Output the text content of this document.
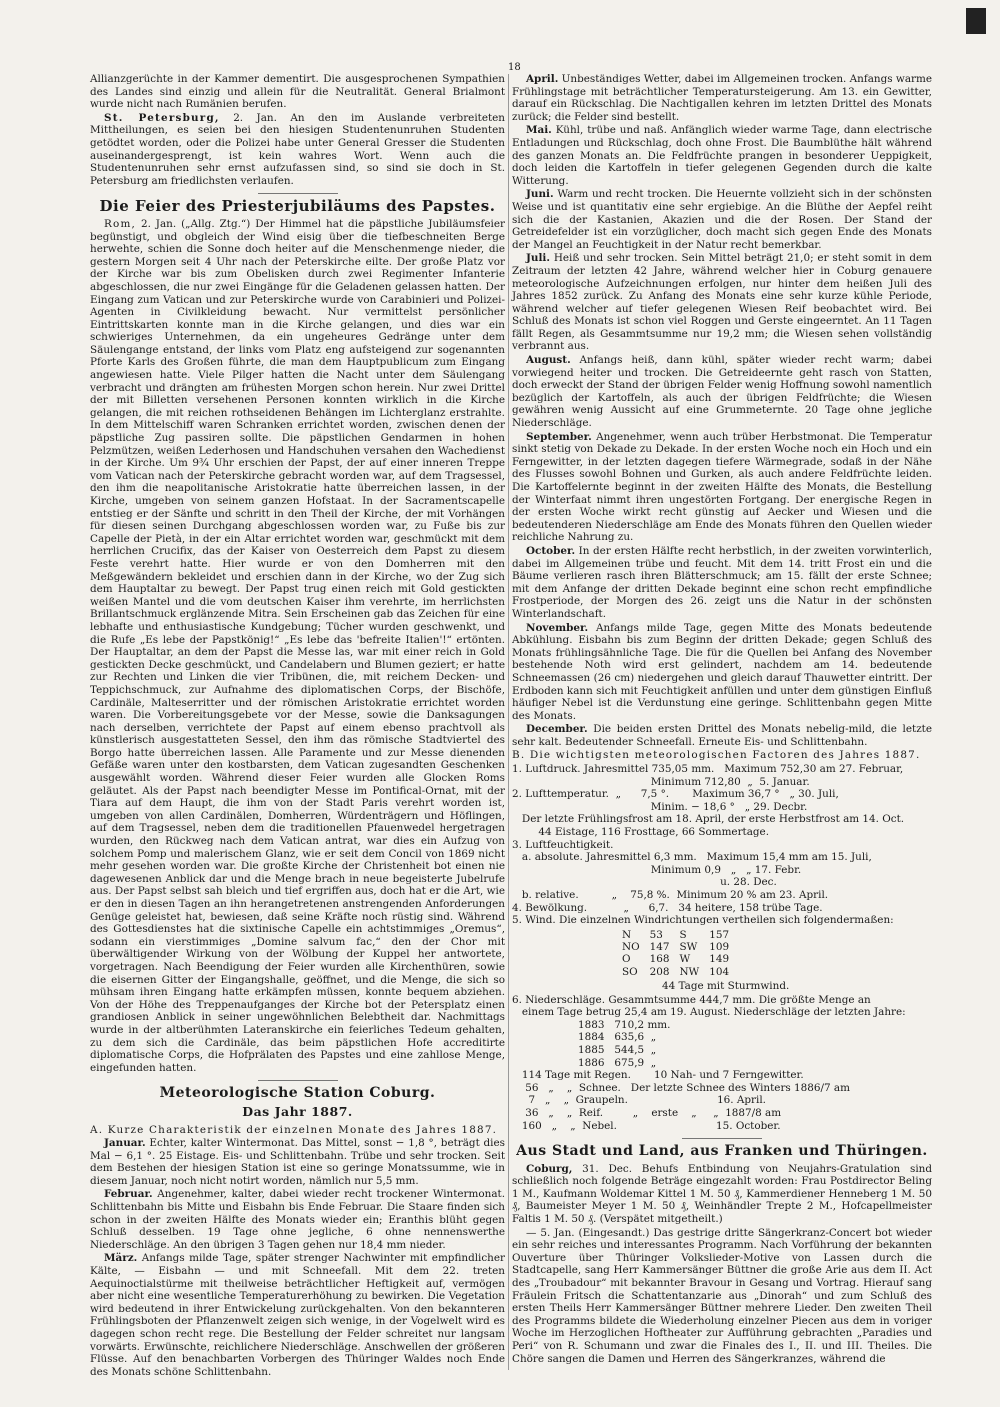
18

Allianzgerüchte in der Kammer dementirt. Die ausgesprochenen Sympathien des Landes sind einzig und allein für die Neutralität. General Brialmont wurde nicht nach Rumänien berufen.

St. Petersburg, 2. Jan. An den im Auslande verbreiteten Mittheilungen, es seien bei den hiesigen Studentenunruhen Studenten getödtet worden, oder die Polizei habe unter General Gresser die Studenten auseinandergesprengt, ist kein wahres Wort. Wenn auch die Studentenunruhen sehr ernst aufzufassen sind, so sind sie doch in St. Petersburg am friedlichsten verlaufen.

Die Feier des Priesterjubiläums des Papstes.

Rom, 2. Jan. („Allg. Ztg.“) Der Himmel hat die päpstliche Jubiläumsfeier begünstigt, und obgleich der Wind eisig über die tiefbeschneiten Berge herwehte, schien die Sonne doch heiter auf die Menschenmenge nieder, die gestern Morgen seit 4 Uhr nach der Peterskirche eilte. Der große Platz vor der Kirche war bis zum Obelisken durch zwei Regimenter Infanterie abgeschlossen, die nur zwei Eingänge für die Geladenen gelassen hatten. Der Eingang zum Vatican und zur Peterskirche wurde von Carabinieri und Polizei-Agenten in Civilkleidung bewacht. Nur vermittelst persönlicher Eintrittskarten konnte man in die Kirche gelangen, und dies war ein schwieriges Unternehmen, da ein ungeheures Gedränge unter dem Säulengange entstand, der links vom Platz eng aufsteigend zur sogenannten Pforte Karls des Großen führte, die man dem Hauptpublicum zum Eingang angewiesen hatte. Viele Pilger hatten die Nacht unter dem Säulengang verbracht und drängten am frühesten Morgen schon herein. Nur zwei Drittel der mit Billetten versehenen Personen konnten wirklich in die Kirche gelangen, die mit reichen rothseidenen Behängen im Lichterglanz erstrahlte. In dem Mittelschiff waren Schranken errichtet worden, zwischen denen der päpstliche Zug passiren sollte. Die päpstlichen Gendarmen in hohen Pelzmützen, weißen Lederhosen und Handschuhen versahen den Wachedienst in der Kirche. Um 9¾ Uhr erschien der Papst, der auf einer inneren Treppe vom Vatican nach der Peterskirche gebracht worden war, auf dem Tragsessel, den ihm die neapolitanische Aristokratie hatte überreichen lassen, in der Kirche, umgeben von seinem ganzen Hofstaat. In der Sacramentscapelle entstieg er der Sänfte und schritt in den Theil der Kirche, der mit Vorhängen für diesen seinen Durchgang abgeschlossen worden war, zu Fuße bis zur Capelle der Pietà, in der ein Altar errichtet worden war, geschmückt mit dem herrlichen Crucifix, das der Kaiser von Oesterreich dem Papst zu diesem Feste verehrt hatte. Hier wurde er von den Domherren mit den Meßgewändern bekleidet und erschien dann in der Kirche, wo der Zug sich dem Hauptaltar zu bewegt. Der Papst trug einen reich mit Gold gestickten weißen Mantel und die vom deutschen Kaiser ihm verehrte, im herrlichsten Brillantschmuck erglänzende Mitra. Sein Erscheinen gab das Zeichen für eine lebhafte und enthusiastische Kundgebung; Tücher wurden geschwenkt, und die Rufe „Es lebe der Papstkönig!“ „Es lebe das 'befreite Italien'!“ ertönten. Der Hauptaltar, an dem der Papst die Messe las, war mit einer reich in Gold gestickten Decke geschmückt, und Candelabern und Blumen geziert; er hatte zur Rechten und Linken die vier Tribünen, die, mit reichem Decken- und Teppichschmuck, zur Aufnahme des diplomatischen Corps, der Bischöfe, Cardinäle, Malteserritter und der römischen Aristokratie errichtet worden waren. Die Vorbereitungsgebete vor der Messe, sowie die Danksagungen nach derselben, verrichtete der Papst auf einem ebenso prachtvoll als künstlerisch ausgestatteten Sessel, den ihm das römische Stadtviertel des Borgo hatte überreichen lassen. Alle Paramente und zur Messe dienenden Gefäße waren unter den kostbarsten, dem Vatican zugesandten Geschenken ausgewählt worden. Während dieser Feier wurden alle Glocken Roms geläutet. Als der Papst nach beendigter Messe im Pontifical-Ornat, mit der Tiara auf dem Haupt, die ihm von der Stadt Paris verehrt worden ist, umgeben von allen Cardinälen, Domherren, Würdenträgern und Höflingen, auf dem Tragsessel, neben dem die traditionellen Pfauenwedel hergetragen wurden, den Rückweg nach dem Vatican antrat, war dies ein Aufzug von solchem Pomp und malerischem Glanz, wie er seit dem Concil von 1869 nicht mehr gesehen worden war. Die großte Kirche der Christenheit bot einen nie dagewesenen Anblick dar und die Menge brach in neue begeisterte Jubelrufe aus. Der Papst selbst sah bleich und tief ergriffen aus, doch hat er die Art, wie er den in diesen Tagen an ihn herangetretenen anstrengenden Anforderungen Genüge geleistet hat, bewiesen, daß seine Kräfte noch rüstig sind. Während des Gottesdienstes hat die sixtinische Capelle ein achtstimmiges „Oremus“, sodann ein vierstimmiges „Domine salvum fac,“ den der Chor mit überwältigender Wirkung von der Wölbung der Kuppel her antwortete, vorgetragen. Nach Beendigung der Feier wurden alle Kirchenthüren, sowie die eisernen Gitter der Eingangshalle, geöffnet, und die Menge, die sich so mühsam ihren Eingang hatte erkämpfen müssen, konnte bequem abziehen. Von der Höhe des Treppenaufganges der Kirche bot der Petersplatz einen grandiosen Anblick in seiner ungewöhnlichen Belebtheit dar. Nachmittags wurde in der altberühmten Lateranskirche ein feierliches Tedeum gehalten, zu dem sich die Cardinäle, das beim päpstlichen Hofe accreditirte diplomatische Corps, die Hofprälaten des Papstes und eine zahllose Menge, eingefunden hatten.

Meteorologische Station Coburg.
Das Jahr 1887.

A. Kurze Charakteristik der einzelnen Monate des Jahres 1887.

Januar. Echter, kalter Wintermonat. Das Mittel, sonst − 1,8 °, beträgt dies Mal − 6,1 °. 25 Eistage. Eis- und Schlittenbahn. Trübe und sehr trocken. Seit dem Bestehen der hiesigen Station ist eine so geringe Monatssumme, wie in diesem Januar, noch nicht notirt worden, nämlich nur 5,5 mm.

Februar. Angenehmer, kalter, dabei wieder recht trockener Wintermonat. Schlittenbahn bis Mitte und Eisbahn bis Ende Februar. Die Staare finden sich schon in der zweiten Hälfte des Monats wieder ein; Eranthis blüht gegen Schluß desselben. 19 Tage ohne jegliche, 6 ohne nennenswerthe Niederschläge. An den übrigen 3 Tagen gehen nur 18,4 mm nieder.

März. Anfangs milde Tage, später strenger Nachwinter mit empfindlicher Kälte, — Eisbahn — und mit Schneefall. Mit dem 22. treten Aequinoctialstürme mit theilweise beträchtlicher Heftigkeit auf, vermögen aber nicht eine wesentliche Temperaturerhöhung zu bewirken. Die Vegetation wird bedeutend in ihrer Entwickelung zurückgehalten. Von den bekannteren Frühlingsboten der Pflanzenwelt zeigen sich wenige, in der Vogelwelt wird es dagegen schon recht rege. Die Bestellung der Felder schreitet nur langsam vorwärts. Erwünschte, reichlichere Niederschläge. Anschwellen der größeren Flüsse. Auf den benachbarten Vorbergen des Thüringer Waldes noch Ende des Monats schöne Schlittenbahn.

April. Unbeständiges Wetter, dabei im Allgemeinen trocken. Anfangs warme Frühlingstage mit beträchtlicher Temperatursteigerung. Am 13. ein Gewitter, darauf ein Rückschlag. Die Nachtigallen kehren im letzten Drittel des Monats zurück; die Felder sind bestellt.

Mai. Kühl, trübe und naß. Anfänglich wieder warme Tage, dann electrische Entladungen und Rückschlag, doch ohne Frost. Die Baumblüthe hält während des ganzen Monats an. Die Feldfrüchte prangen in besonderer Ueppigkeit, doch leiden die Kartoffeln in tiefer gelegenen Gegenden durch die kalte Witterung.

Juni. Warm und recht trocken. Die Heuernte vollzieht sich in der schönsten Weise und ist quantitativ eine sehr ergiebige. An die Blüthe der Aepfel reiht sich die der Kastanien, Akazien und die der Rosen. Der Stand der Getreidefelder ist ein vorzüglicher, doch macht sich gegen Ende des Monats der Mangel an Feuchtigkeit in der Natur recht bemerkbar.

Juli. Heiß und sehr trocken. Sein Mittel beträgt 21,0; er steht somit in dem Zeitraum der letzten 42 Jahre, während welcher hier in Coburg genauere meteorologische Aufzeichnungen erfolgen, nur hinter dem heißen Juli des Jahres 1852 zurück. Zu Anfang des Monats eine sehr kurze kühle Periode, während welcher auf tiefer gelegenen Wiesen Reif beobachtet wird. Bei Schluß des Monats ist schon viel Roggen und Gerste eingeerntet. An 11 Tagen fällt Regen, als Gesammtsumme nur 19,2 mm; die Wiesen sehen vollständig verbrannt aus.

August. Anfangs heiß, dann kühl, später wieder recht warm; dabei vorwiegend heiter und trocken. Die Getreideernte geht rasch von Statten, doch erweckt der Stand der übrigen Felder wenig Hoffnung sowohl namentlich bezüglich der Kartoffeln, als auch der übrigen Feldfrüchte; die Wiesen gewähren wenig Aussicht auf eine Grummeternte. 20 Tage ohne jegliche Niederschläge.

September. Angenehmer, wenn auch trüber Herbstmonat. Die Temperatur sinkt stetig von Dekade zu Dekade. In der ersten Woche noch ein Hoch und ein Ferngewitter, in der letzten dagegen tiefere Wärmegrade, sodaß in der Nähe des Flusses sowohl Bohnen und Gurken, als auch andere Feldfrüchte leiden. Die Kartoffelernte beginnt in der zweiten Hälfte des Monats, die Bestellung der Winterfaat nimmt ihren ungestörten Fortgang. Der energische Regen in der ersten Woche wirkt recht günstig auf Aecker und Wiesen und die bedeutenderen Niederschläge am Ende des Monats führen den Quellen wieder reichliche Nahrung zu.

October. In der ersten Hälfte recht herbstlich, in der zweiten vorwinterlich, dabei im Allgemeinen trübe und feucht. Mit dem 14. tritt Frost ein und die Bäume verlieren rasch ihren Blätterschmuck; am 15. fällt der erste Schnee; mit dem Anfange der dritten Dekade beginnt eine schon recht empfindliche Frostperiode, der Morgen des 26. zeigt uns die Natur in der schönsten Winterlandschaft.

November. Anfangs milde Tage, gegen Mitte des Monats bedeutende Abkühlung. Eisbahn bis zum Beginn der dritten Dekade; gegen Schluß des Monats frühlingsähnliche Tage. Die für die Quellen bei Anfang des November bestehende Noth wird erst gelindert, nachdem am 14. bedeutende Schneemassen (26 cm) niedergehen und gleich darauf Thauwetter eintritt. Der Erdboden kann sich mit Feuchtigkeit anfüllen und unter dem günstigen Einfluß häufiger Nebel ist die Verdunstung eine geringe. Schlittenbahn gegen Mitte des Monats.

December. Die beiden ersten Drittel des Monats nebelig-mild, die letzte sehr kalt. Bedeutender Schneefall. Erneute Eis- und Schlittenbahn.

B. Die wichtigsten meteorologischen Factoren des Jahres 1887.

1. Luftdruck. Jahresmittel 735,05 mm.   Maximum 752,30 am 27. Februar,
Minimum 712,80  „  5. Januar.
2. Lufttemperatur.  „      7,5 °.       Maximum 36,7 °   „ 30. Juli,
Minim. − 18,6 °   „ 29. Decbr.
Der letzte Frühlingsfrost am 18. April, der erste Herbstfrost am 14. Oct.
44 Eistage, 116 Frosttage, 66 Sommertage.
3. Luftfeuchtigkeit.
a. absolute. Jahresmittel 6,3 mm.   Maximum 15,4 mm am 15. Juli,
Minimum 0,9   „   „ 17. Febr.
u. 28. Dec.
b. relative.          „    75,8 %.  Minimum 20 % am 23. April.
4. Bewölkung.           „      6,7.   34 heitere, 158 trübe Tage.
5. Wind. Die einzelnen Windrichtungen vertheilen sich folgendermaßen:
N	53	S	157
NO	147	SW	109
O	168	W	149
SO	208	NW	104

44 Tage mit Sturmwind.

6. Niederschläge. Gesammtsumme 444,7 mm. Die größte Menge an
einem Tage betrug 25,4 am 19. August. Niederschläge der letzten Jahre:
1883   710,2 mm.
1884   635,6  „
1885   544,5  „
1886   675,9  „
114 Tage mit Regen.       10 Nah- und 7 Ferngewitter.
56   „    „  Schnee.   Der letzte Schnee des Winters 1886/7 am
7   „    „  Graupeln.                           16. April.
36   „    „  Reif.         „    erste    „     „  1887/8 am
160   „    „  Nebel.                              15. October.
Aus Stadt und Land, aus Franken und Thüringen.

Coburg, 31. Dec. Behufs Entbindung von Neujahrs-Gratulation sind schließlich noch folgende Beträge eingezahlt worden: Frau Postdirector Beling 1 M., Kaufmann Woldemar Kittel 1 M. 50 ₰, Kammerdiener Henneberg 1 M. 50 ₰, Baumeister Meyer 1 M. 50 ₰, Weinhändler Trepte 2 M., Hofcapellmeister Faltis 1 M. 50 ₰. (Verspätet mitgetheilt.)

— 5. Jan. (Eingesandt.) Das gestrige dritte Sängerkranz-Concert bot wieder ein sehr reiches und interessantes Programm. Nach Vorführung der bekannten Ouverture über Thüringer Volkslieder-Motive von Lassen durch die Stadtcapelle, sang Herr Kammersänger Büttner die große Arie aus dem II. Act des „Troubadour“ mit bekannter Bravour in Gesang und Vortrag. Hierauf sang Fräulein Fritsch die Schattentanzarie aus „Dinorah“ und zum Schluß des ersten Theils Herr Kammersänger Büttner mehrere Lieder. Den zweiten Theil des Programms bildete die Wiederholung einzelner Piecen aus dem in voriger Woche im Herzoglichen Hoftheater zur Aufführung gebrachten „Paradies und Peri“ von R. Schumann und zwar die Finales des I., II. und III. Theiles. Die Chöre sangen die Damen und Herren des Sängerkranzes, während die
